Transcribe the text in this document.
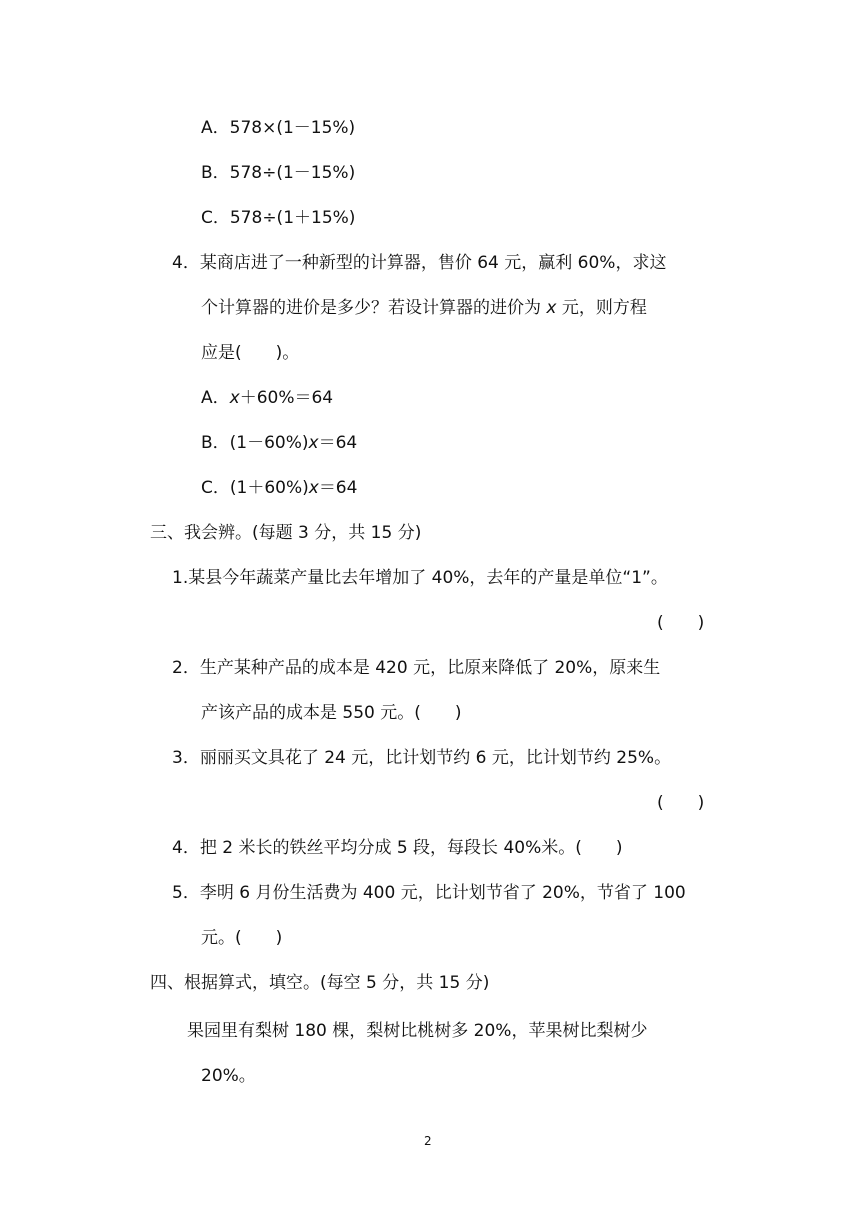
A．578×(1－15%)

B．578÷(1－15%)

C．578÷(1＋15%)

4．某商店进了一种新型的计算器，售价 64 元，赢利 60%，求这

个计算器的进价是多少？若设计算器的进价为 x 元，则方程

应是(　　)。

A．x＋60%＝64

B．(1－60%)x＝64

C．(1＋60%)x＝64

三、我会辨。(每题 3 分，共 15 分)

1.某县今年蔬菜产量比去年增加了 40%，去年的产量是单位“1”。

(　　)

2．生产某种产品的成本是 420 元，比原来降低了 20%，原来生

产该产品的成本是 550 元。(　　)

3．丽丽买文具花了 24 元，比计划节约 6 元，比计划节约 25%。

(　　)

4．把 2 米长的铁丝平均分成 5 段，每段长 40%米。(　　)

5．李明 6 月份生活费为 400 元，比计划节省了 20%，节省了 100

元。(　　)

四、根据算式，填空。(每空 5 分，共 15 分)

果园里有梨树 180 棵，梨树比桃树多 20%，苹果树比梨树少

20%。

2
